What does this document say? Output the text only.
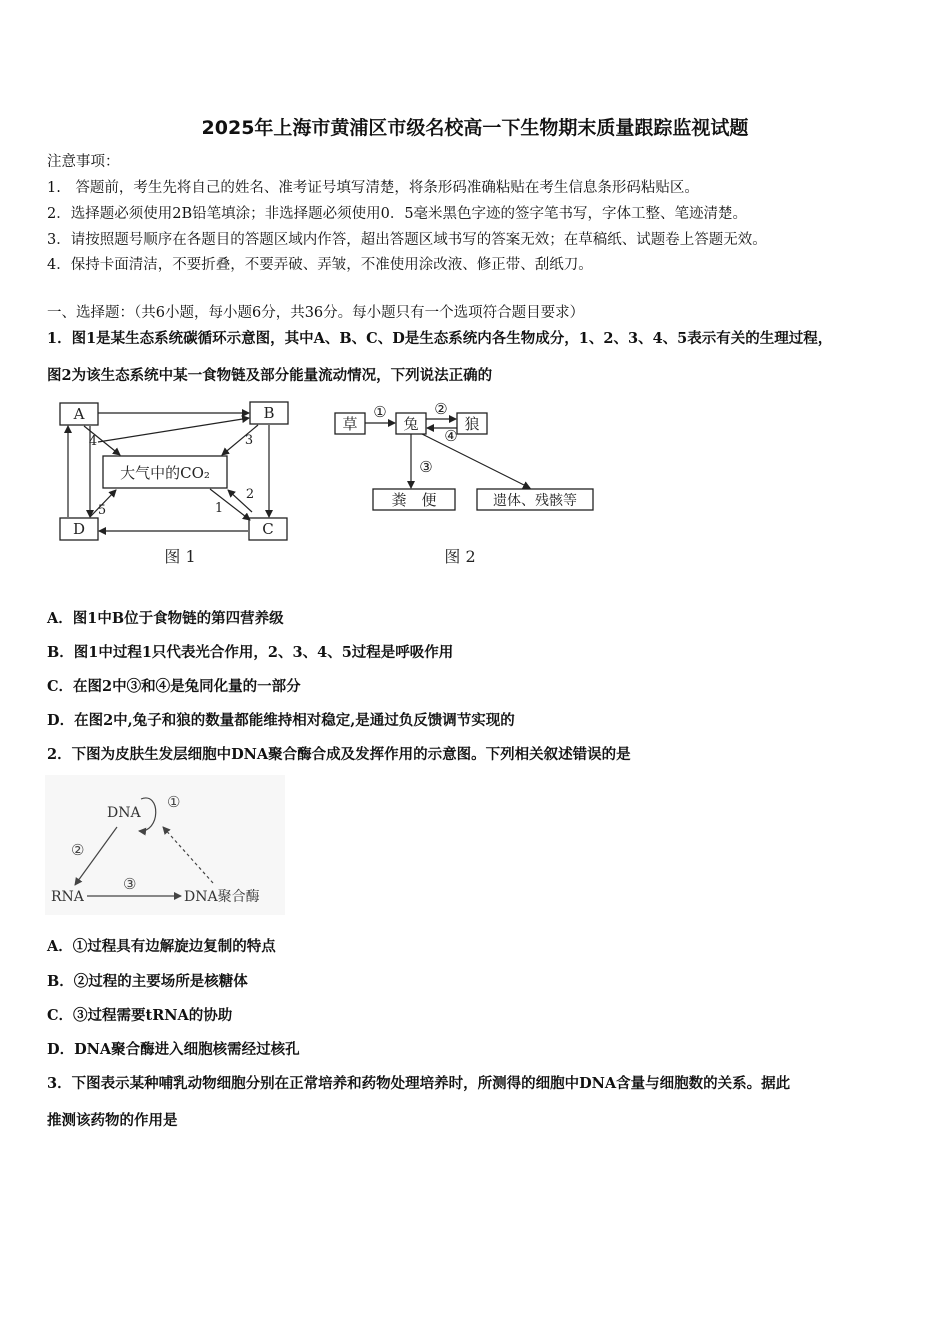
2025年上海市黄浦区市级名校高一下生物期末质量跟踪监视试题
注意事项：
1.　答题前，考生先将自己的姓名、准考证号填写清楚，将条形码准确粘贴在考生信息条形码粘贴区。
2．选择题必须使用2B铅笔填涂；非选择题必须使用0．5毫米黑色字迹的签字笔书写，字体工整、笔迹清楚。
3．请按照题号顺序在各题目的答题区域内作答，超出答题区域书写的答案无效；在草稿纸、试题卷上答题无效。
4．保持卡面清洁，不要折叠，不要弄破、弄皱，不准使用涂改液、修正带、刮纸刀。
一、选择题：（共6小题，每小题6分，共36分。每小题只有一个选项符合题目要求）
1．图1是某生态系统碳循环示意图，其中A、B、C、D是生态系统内各生物成分，1、2、3、4、5表示有关的生理过程，
图2为该生态系统中某一食物链及部分能量流动情况，下列说法正确的
A	B
C
D
大气中的CO₂
1
2
3
4
5
图 1
草	兔	狼
粪　便	遗体、残骸等
①	②
③
④
图 2
A．图1中B位于食物链的第四营养级
B．图1中过程1只代表光合作用，2、3、4、5过程是呼吸作用
C．在图2中③和④是兔同化量的一部分
D．在图2中,兔子和狼的数量都能维持相对稳定,是通过负反馈调节实现的
2．下图为皮肤生发层细胞中DNA聚合酶合成及发挥作用的示意图。下列相关叙述错误的是
DNA
RNA	DNA聚合酶
①
②
③
A．①过程具有边解旋边复制的特点
B．②过程的主要场所是核糖体
C．③过程需要tRNA的协助
D．DNA聚合酶进入细胞核需经过核孔
3．下图表示某种哺乳动物细胞分别在正常培养和药物处理培养时，所测得的细胞中DNA含量与细胞数的关系。据此
推测该药物的作用是
